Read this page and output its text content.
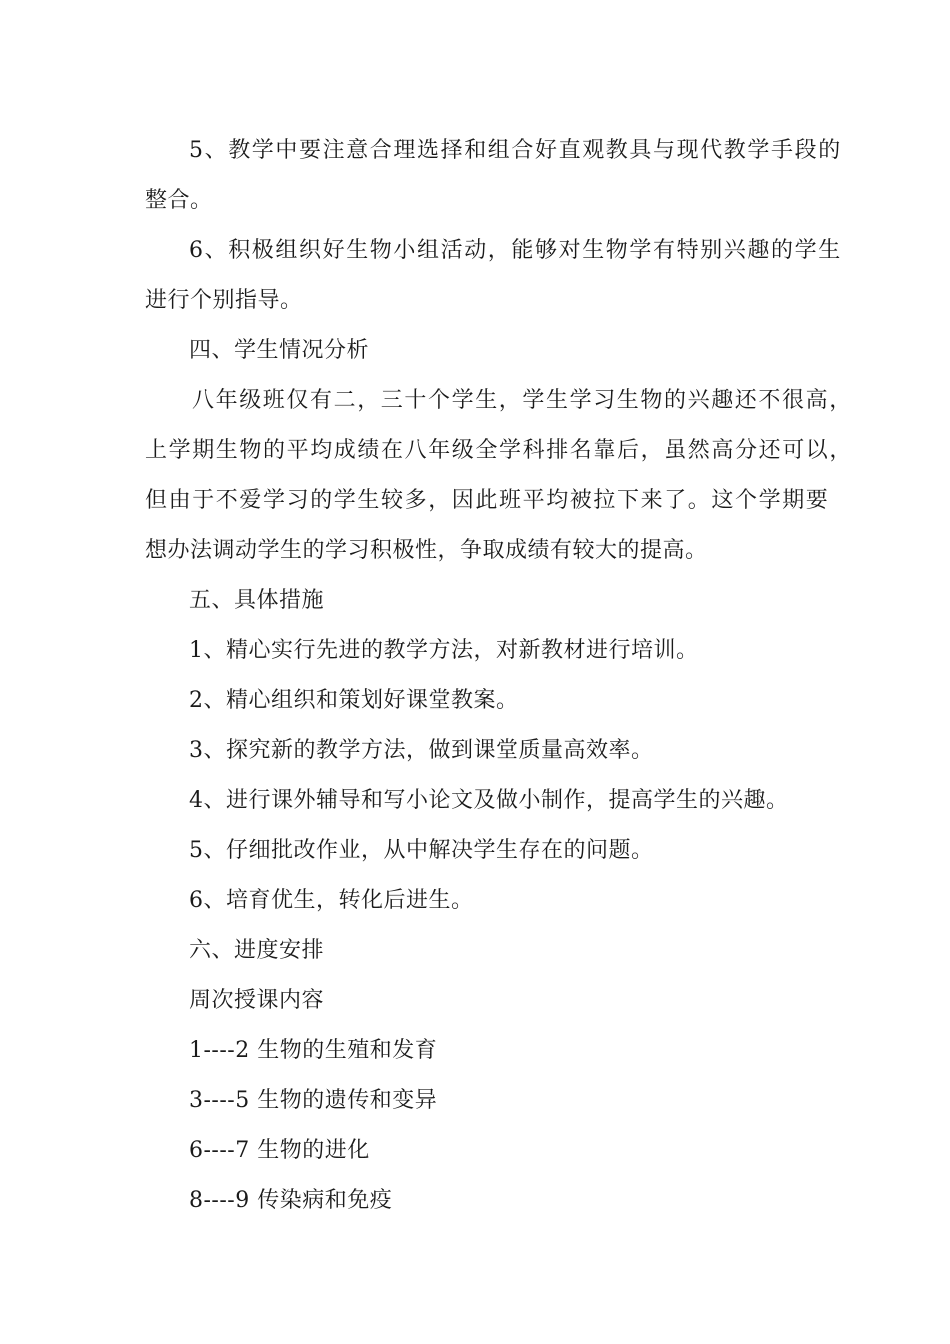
5、教学中要注意合理选择和组合好直观教具与现代教学手段的
整合。
6、积极组织好生物小组活动，能够对生物学有特别兴趣的学生
进行个别指导。
四、学生情况分析
八年级班仅有二，三十个学生，学生学习生物的兴趣还不很高，
上学期生物的平均成绩在八年级全学科排名靠后，虽然高分还可以，
但由于不爱学习的学生较多，因此班平均被拉下来了。这个学期要
想办法调动学生的学习积极性，争取成绩有较大的提高。
五、具体措施
1、精心实行先进的教学方法，对新教材进行培训。
2、精心组织和策划好课堂教案。
3、探究新的教学方法，做到课堂质量高效率。
4、进行课外辅导和写小论文及做小制作，提高学生的兴趣。
5、仔细批改作业，从中解决学生存在的问题。
6、培育优生，转化后进生。
六、进度安排
周次授课内容
1----2 生物的生殖和发育
3----5 生物的遗传和变异
6----7 生物的进化
8----9 传染病和免疫
